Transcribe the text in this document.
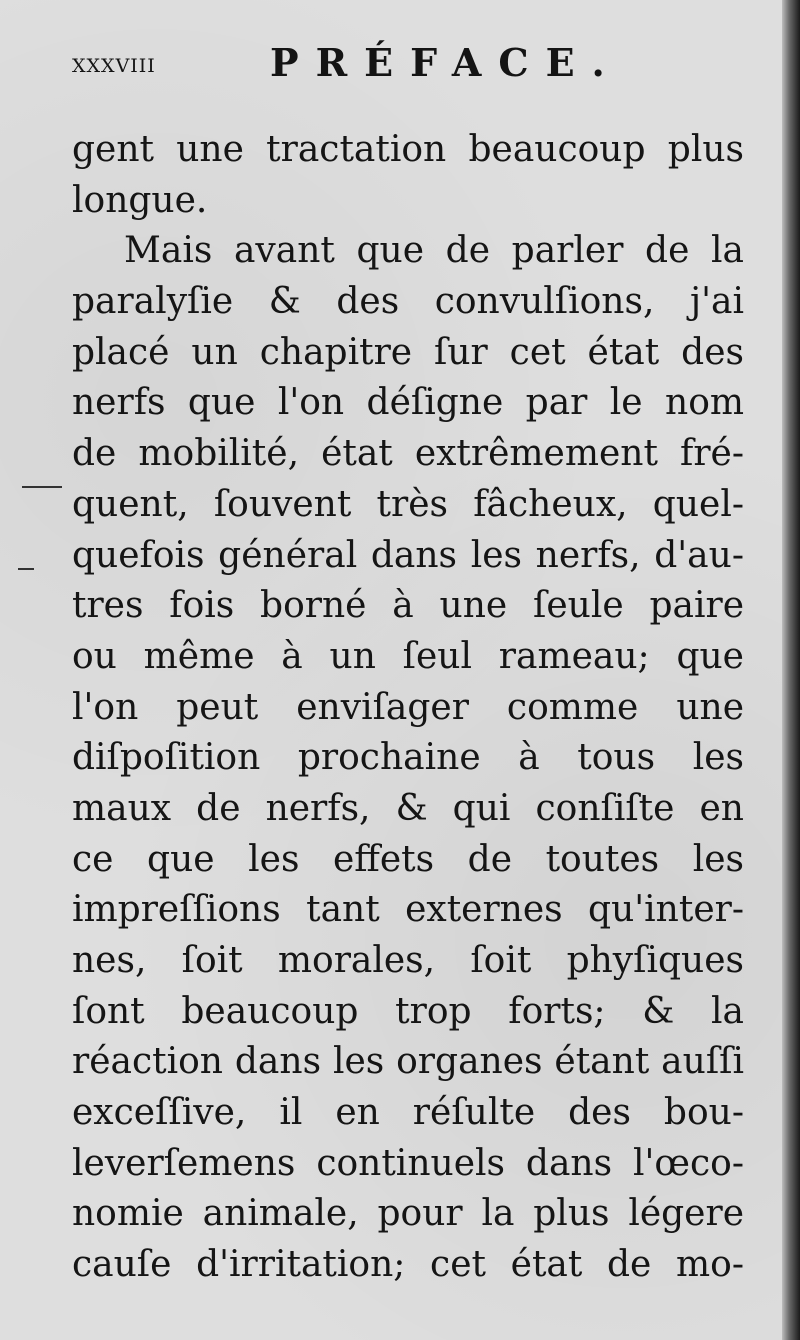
xxxviii	PRÉFACE.
gent une tractation beaucoup plus
longue.
Mais avant que de parler de la
paralyſie & des convulſions, j'ai
placé un chapitre ſur cet état des
nerfs que l'on déſigne par le nom
de mobilité, état extrêmement fré-
quent, ſouvent très fâcheux, quel-
quefois général dans les nerfs, d'au-
tres fois borné à une ſeule paire
ou même à un ſeul rameau; que
l'on peut enviſager comme une
diſpoſition prochaine à tous les
maux de nerfs, & qui conſiſte en
ce que les effets de toutes les
impreſſions tant externes qu'inter-
nes, ſoit morales, ſoit phyſiques
ſont beaucoup trop forts; & la
réaction dans les organes étant auſſi
exceſſive, il en réſulte des bou-
leverſemens continuels dans l'œco-
nomie animale, pour la plus légere
cauſe d'irritation; cet état de mo-
